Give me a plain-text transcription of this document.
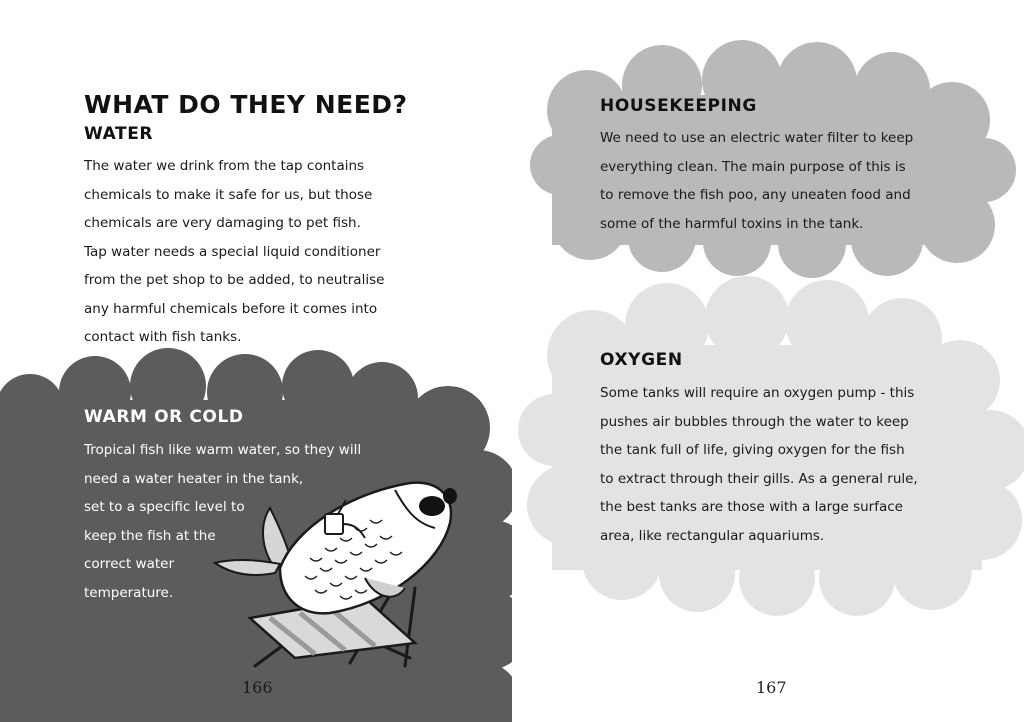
WHAT DO THEY NEED?
WATER
The water we drink from the tap contains
chemicals to make it safe for us, but those
chemicals are very damaging to pet fish.
Tap water needs a special liquid conditioner
from the pet shop to be added, to neutralise
any harmful chemicals before it comes into
contact with fish tanks.
WARM OR COLD
Tropical fish like warm water, so they will
need a water heater in the tank,
set to a specific level to
keep the fish at the
correct water
temperature.
166
HOUSEKEEPING
We need to use an electric water filter to keep
everything clean. The main purpose of this is
to remove the fish poo, any uneaten food and
some of the harmful toxins in the tank.
OXYGEN
Some tanks will require an oxygen pump - this
pushes air bubbles through the water to keep
the tank full of life, giving oxygen for the fish
to extract through their gills. As a general rule,
the best tanks are those with a large surface
area, like rectangular aquariums.
167
